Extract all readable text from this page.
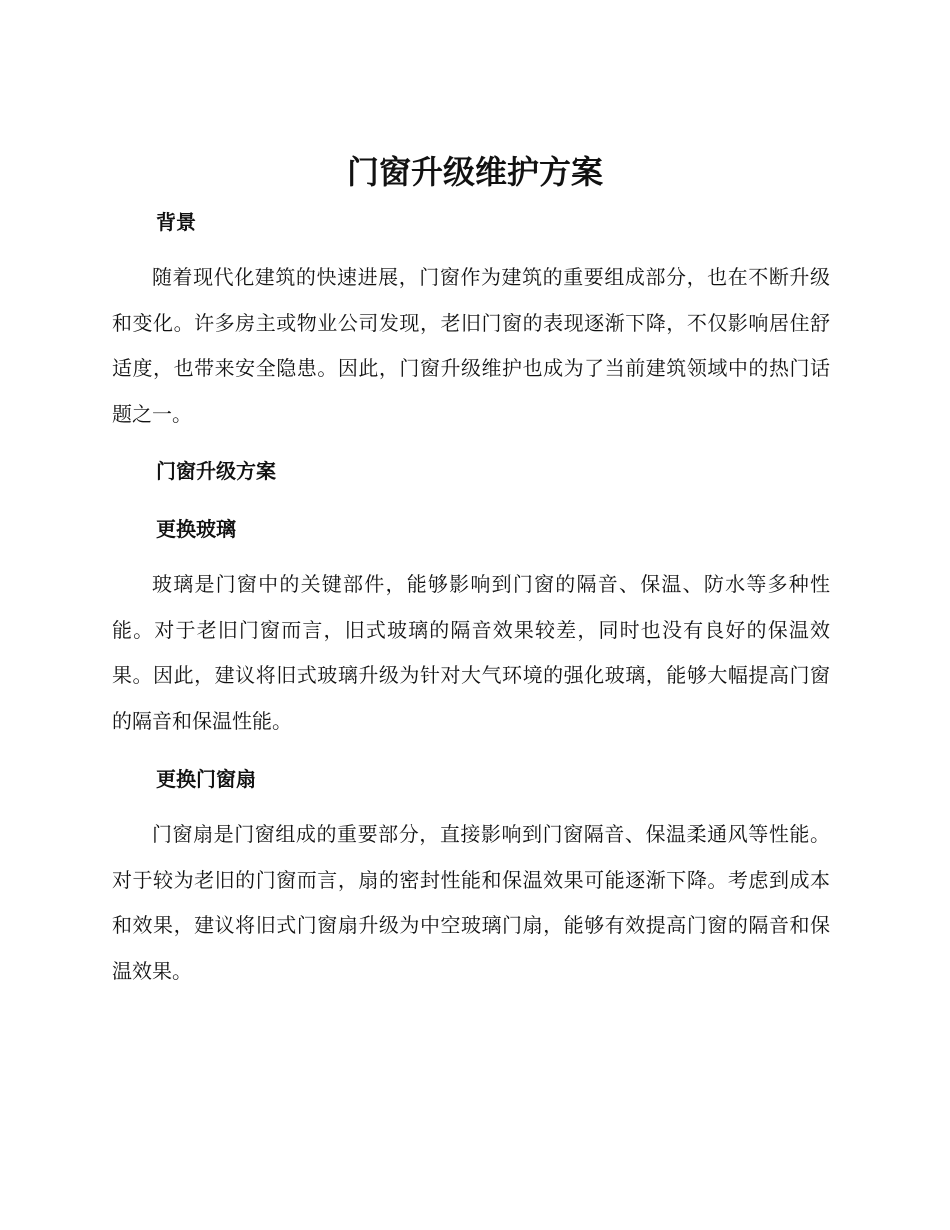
门窗升级维护方案
背景

随着现代化建筑的快速进展，门窗作为建筑的重要组成部分，也在不断升级和变化。许多房主或物业公司发现，老旧门窗的表现逐渐下降，不仅影响居住舒适度，也带来安全隐患。因此，门窗升级维护也成为了当前建筑领域中的热门话题之一。

门窗升级方案
更换玻璃

玻璃是门窗中的关键部件，能够影响到门窗的隔音、保温、防水等多种性能。对于老旧门窗而言，旧式玻璃的隔音效果较差，同时也没有良好的保温效果。因此，建议将旧式玻璃升级为针对大气环境的强化玻璃，能够大幅提高门窗的隔音和保温性能。

更换门窗扇

门窗扇是门窗组成的重要部分，直接影响到门窗隔音、保温柔通风等性能。对于较为老旧的门窗而言，扇的密封性能和保温效果可能逐渐下降。考虑到成本和效果，建议将旧式门窗扇升级为中空玻璃门扇，能够有效提高门窗的隔音和保温效果。
